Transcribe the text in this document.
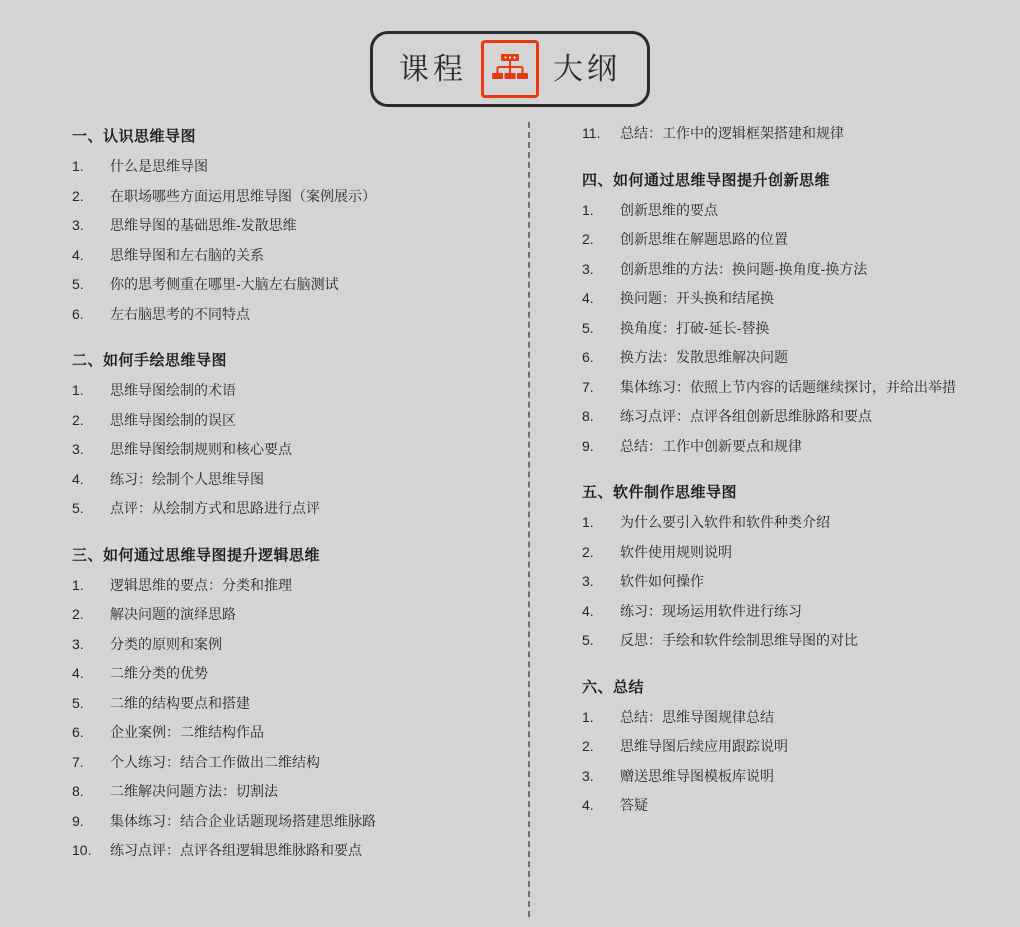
课程	大纲
一、认识思维导图
1.	什么是思维导图
2.	在职场哪些方面运用思维导图（案例展示）
3.	思维导图的基础思维-发散思维
4.	思维导图和左右脑的关系
5.	你的思考侧重在哪里-大脑左右脑测试
6.	左右脑思考的不同特点
二、如何手绘思维导图
1.	思维导图绘制的术语
2.	思维导图绘制的误区
3.	思维导图绘制规则和核心要点
4.	练习：绘制个人思维导图
5.	点评：从绘制方式和思路进行点评
三、如何通过思维导图提升逻辑思维
1.	逻辑思维的要点：分类和推理
2.	解决问题的演绎思路
3.	分类的原则和案例
4.	二维分类的优势
5.	二维的结构要点和搭建
6.	企业案例：二维结构作品
7.	个人练习：结合工作做出二维结构
8.	二维解决问题方法：切割法
9.	集体练习：结合企业话题现场搭建思维脉路
10.	练习点评：点评各组逻辑思维脉路和要点
11.	总结：工作中的逻辑框架搭建和规律
四、如何通过思维导图提升创新思维
1.	创新思维的要点
2.	创新思维在解题思路的位置
3.	创新思维的方法：换问题-换角度-换方法
4.	换问题：开头换和结尾换
5.	换角度：打破-延长-替换
6.	换方法：发散思维解决问题
7.	集体练习：依照上节内容的话题继续探讨，并给出举措
8.	练习点评：点评各组创新思维脉路和要点
9.	总结：工作中创新要点和规律
五、软件制作思维导图
1.	为什么要引入软件和软件种类介绍
2.	软件使用规则说明
3.	软件如何操作
4.	练习：现场运用软件进行练习
5.	反思：手绘和软件绘制思维导图的对比
六、总结
1.	总结：思维导图规律总结
2.	思维导图后续应用跟踪说明
3.	赠送思维导图模板库说明
4.	答疑
